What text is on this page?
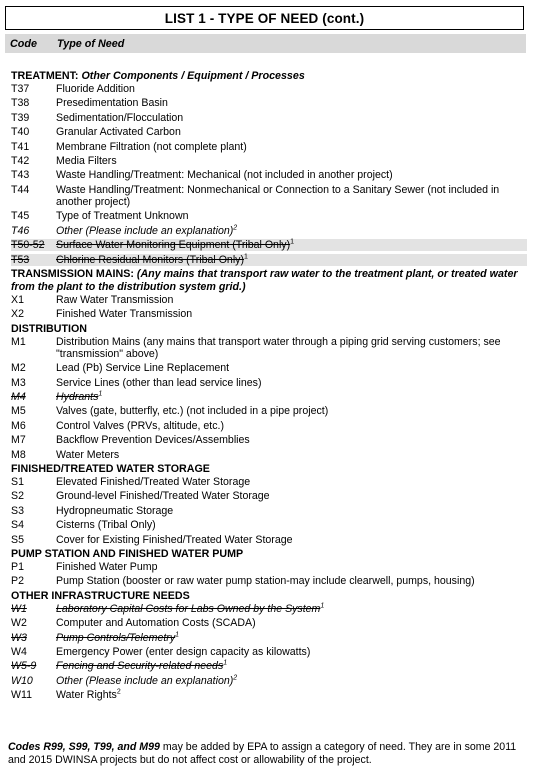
LIST 1 - TYPE OF NEED (cont.)
Code	Type of Need
TREATMENT: Other Components / Equipment / Processes
T37	Fluoride Addition
T38	Presedimentation Basin
T39	Sedimentation/Flocculation
T40	Granular Activated Carbon
T41	Membrane Filtration (not complete plant)
T42	Media Filters
T43	Waste Handling/Treatment: Mechanical (not included in another project)
T44	Waste Handling/Treatment: Nonmechanical or Connection to a Sanitary Sewer (not included in another project)
T45	Type of Treatment Unknown
T46	Other (Please include an explanation)$^2$
T50-52	Surface Water Monitoring Equipment (Tribal Only)$^1$
T53	Chlorine Residual Monitors (Tribal Only)$^1$
TRANSMISSION MAINS: (Any mains that transport raw water to the treatment plant, or treated water from the plant to the distribution system grid.)
X1	Raw Water Transmission
X2	Finished Water Transmission
DISTRIBUTION
M1	Distribution Mains (any mains that transport water through a piping grid serving customers; see "transmission" above)
M2	Lead (Pb) Service Line Replacement
M3	Service Lines (other than lead service lines)
M4	Hydrants$^1$
M5	Valves (gate, butterfly, etc.) (not included in a pipe project)
M6	Control Valves (PRVs, altitude, etc.)
M7	Backflow Prevention Devices/Assemblies
M8	Water Meters
FINISHED/TREATED WATER STORAGE
S1	Elevated Finished/Treated Water Storage
S2	Ground-level Finished/Treated Water Storage
S3	Hydropneumatic Storage
S4	Cisterns (Tribal Only)
S5	Cover for Existing Finished/Treated Water Storage
PUMP STATION AND FINISHED WATER PUMP
P1	Finished Water Pump
P2	Pump Station (booster or raw water pump station-may include clearwell, pumps, housing)
OTHER INFRASTRUCTURE NEEDS
W1	Laboratory Capital Costs for Labs Owned by the System$^1$
W2	Computer and Automation Costs (SCADA)
W3	Pump Controls/Telemetry$^1$
W4	Emergency Power (enter design capacity as kilowatts)
W5-9	Fencing and Security-related needs$^1$
W10	Other (Please include an explanation)$^2$
W11	Water Rights$^2$
Codes R99, S99, T99, and M99 may be added by EPA to assign a category of need. They are in some 2011 and 2015 DWINSA projects but do not affect cost or allowability of the project.
